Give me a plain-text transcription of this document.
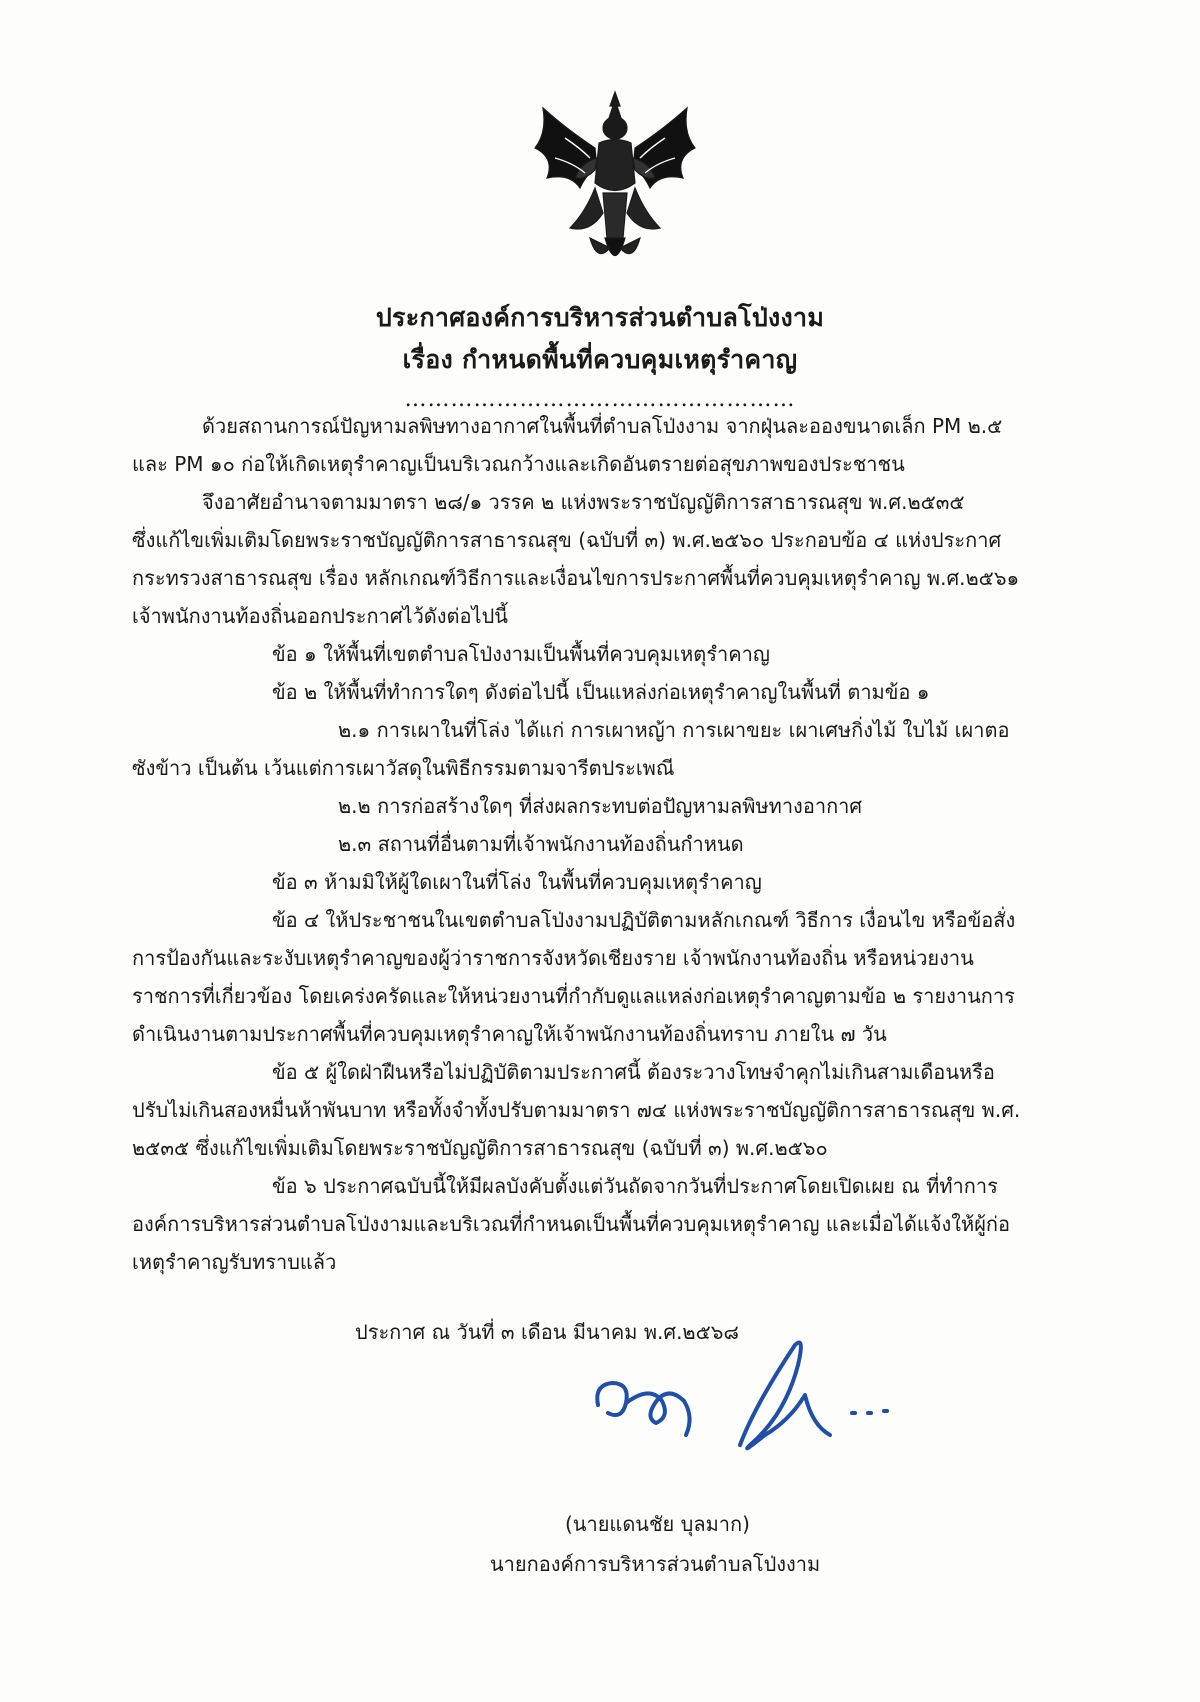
ประกาศองค์การบริหารส่วนตำบลโป่งงาม
เรื่อง กำหนดพื้นที่ควบคุมเหตุรำคาญ
……………………………………………
ด้วยสถานการณ์ปัญหามลพิษทางอากาศในพื้นที่ตำบลโป่งงาม จากฝุ่นละอองขนาดเล็ก PM ๒.๕
และ PM ๑๐ ก่อให้เกิดเหตุรำคาญเป็นบริเวณกว้างและเกิดอันตรายต่อสุขภาพของประชาชน
จึงอาศัยอำนาจตามมาตรา ๒๘/๑ วรรค ๒ แห่งพระราชบัญญัติการสาธารณสุข พ.ศ.๒๕๓๕
ซึ่งแก้ไขเพิ่มเติมโดยพระราชบัญญัติการสาธารณสุข (ฉบับที่ ๓) พ.ศ.๒๕๖๐ ประกอบข้อ ๔ แห่งประกาศ
กระทรวงสาธารณสุข เรื่อง หลักเกณฑ์วิธีการและเงื่อนไขการประกาศพื้นที่ควบคุมเหตุรำคาญ พ.ศ.๒๕๖๑
เจ้าพนักงานท้องถิ่นออกประกาศไว้ดังต่อไปนี้
ข้อ ๑ ให้พื้นที่เขตตำบลโป่งงามเป็นพื้นที่ควบคุมเหตุรำคาญ
ข้อ ๒ ให้พื้นที่ทำการใดๆ ดังต่อไปนี้ เป็นแหล่งก่อเหตุรำคาญในพื้นที่ ตามข้อ ๑
๒.๑ การเผาในที่โล่ง ได้แก่ การเผาหญ้า การเผาขยะ เผาเศษกิ่งไม้ ใบไม้ เผาตอ
ซังข้าว เป็นต้น เว้นแต่การเผาวัสดุในพิธีกรรมตามจารีตประเพณี
๒.๒ การก่อสร้างใดๆ ที่ส่งผลกระทบต่อปัญหามลพิษทางอากาศ
๒.๓ สถานที่อื่นตามที่เจ้าพนักงานท้องถิ่นกำหนด
ข้อ ๓ ห้ามมิให้ผู้ใดเผาในที่โล่ง ในพื้นที่ควบคุมเหตุรำคาญ
ข้อ ๔ ให้ประชาชนในเขตตำบลโป่งงามปฏิบัติตามหลักเกณฑ์ วิธีการ เงื่อนไข หรือข้อสั่ง
การป้องกันและระงับเหตุรำคาญของผู้ว่าราชการจังหวัดเชียงราย เจ้าพนักงานท้องถิ่น หรือหน่วยงาน
ราชการที่เกี่ยวข้อง โดยเคร่งครัดและให้หน่วยงานที่กำกับดูแลแหล่งก่อเหตุรำคาญตามข้อ ๒ รายงานการ
ดำเนินงานตามประกาศพื้นที่ควบคุมเหตุรำคาญให้เจ้าพนักงานท้องถิ่นทราบ ภายใน ๗ วัน
ข้อ ๕ ผู้ใดฝ่าฝืนหรือไม่ปฏิบัติตามประกาศนี้ ต้องระวางโทษจำคุกไม่เกินสามเดือนหรือ
ปรับไม่เกินสองหมื่นห้าพันบาท หรือทั้งจำทั้งปรับตามมาตรา ๗๔ แห่งพระราชบัญญัติการสาธารณสุข พ.ศ.
๒๕๓๕ ซึ่งแก้ไขเพิ่มเติมโดยพระราชบัญญัติการสาธารณสุข (ฉบับที่ ๓) พ.ศ.๒๕๖๐
ข้อ ๖ ประกาศฉบับนี้ให้มีผลบังคับตั้งแต่วันถัดจากวันที่ประกาศโดยเปิดเผย ณ ที่ทำการ
องค์การบริหารส่วนตำบลโป่งงามและบริเวณที่กำหนดเป็นพื้นที่ควบคุมเหตุรำคาญ และเมื่อได้แจ้งให้ผู้ก่อ
เหตุรำคาญรับทราบแล้ว
ประกาศ ณ วันที่ ๓ เดือน มีนาคม พ.ศ.๒๕๖๘
(นายแดนชัย บุลมาก)
นายกองค์การบริหารส่วนตำบลโป่งงาม
